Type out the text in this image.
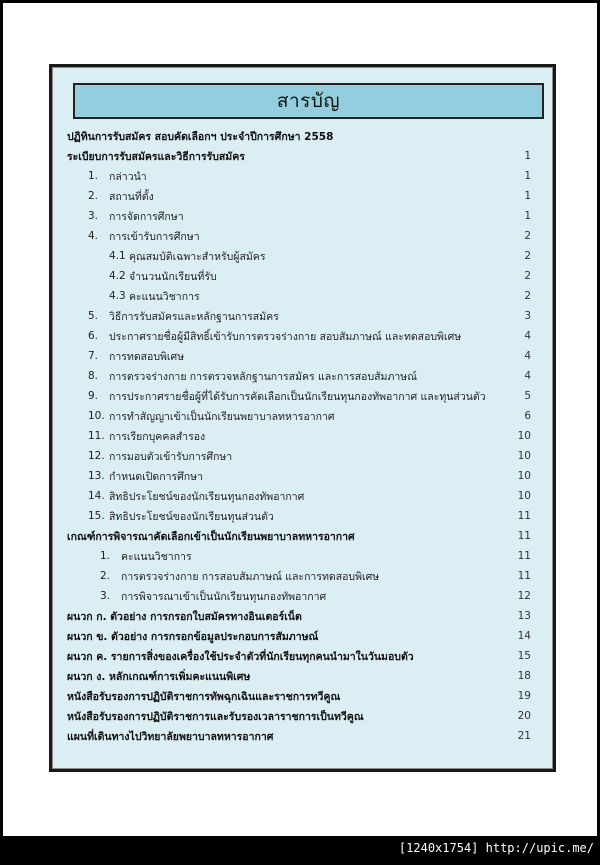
สารบัญ
ปฏิทินการรับสมัคร สอบคัดเลือกฯ ประจำปีการศึกษา 2558
ระเบียบการรับสมัครและวิธีการรับสมัคร	1
1.	กล่าวนำ	1
2.	สถานที่ตั้ง	1
3.	การจัดการศึกษา	1
4.	การเข้ารับการศึกษา	2
4.1 คุณสมบัติเฉพาะสำหรับผู้สมัคร	2
4.2 จำนวนนักเรียนที่รับ	2
4.3 คะแนนวิชาการ	2
5.	วิธีการรับสมัครและหลักฐานการสมัคร	3
6.	ประกาศรายชื่อผู้มีสิทธิ์เข้ารับการตรวจร่างกาย สอบสัมภาษณ์ และทดสอบพิเศษ	4
7.	การทดสอบพิเศษ	4
8.	การตรวจร่างกาย การตรวจหลักฐานการสมัคร และการสอบสัมภาษณ์	4
9.	การประกาศรายชื่อผู้ที่ได้รับการคัดเลือกเป็นนักเรียนทุนกองทัพอากาศ และทุนส่วนตัว	5
10. การทำสัญญาเข้าเป็นนักเรียนพยาบาลทหารอากาศ	6
11. การเรียกบุคคลสำรอง	10
12. การมอบตัวเข้ารับการศึกษา	10
13. กำหนดเปิดการศึกษา	10
14. สิทธิประโยชน์ของนักเรียนทุนกองทัพอากาศ	10
15. สิทธิประโยชน์ของนักเรียนทุนส่วนตัว	11
เกณฑ์การพิจารณาคัดเลือกเข้าเป็นนักเรียนพยาบาลทหารอากาศ	11
1.	คะแนนวิชาการ	11
2.	การตรวจร่างกาย การสอบสัมภาษณ์ และการทดสอบพิเศษ	11
3.	การพิจารณาเข้าเป็นนักเรียนทุนกองทัพอากาศ	12
ผนวก ก. ตัวอย่าง การกรอกใบสมัครทางอินเตอร์เน็ต	13
ผนวก ข. ตัวอย่าง การกรอกข้อมูลประกอบการสัมภาษณ์	14
ผนวก ค. รายการสิ่งของเครื่องใช้ประจำตัวที่นักเรียนทุกคนนำมาในวันมอบตัว	15
ผนวก ง. หลักเกณฑ์การเพิ่มคะแนนพิเศษ	18
หนังสือรับรองการปฏิบัติราชการทัพฉุกเฉินและราชการทวีคูณ	19
หนังสือรับรองการปฏิบัติราชการและรับรองเวลาราชการเป็นทวีคูณ	20
แผนที่เดินทางไปวิทยาลัยพยาบาลทหารอากาศ	21
[1240x1754] http://upic.me/
